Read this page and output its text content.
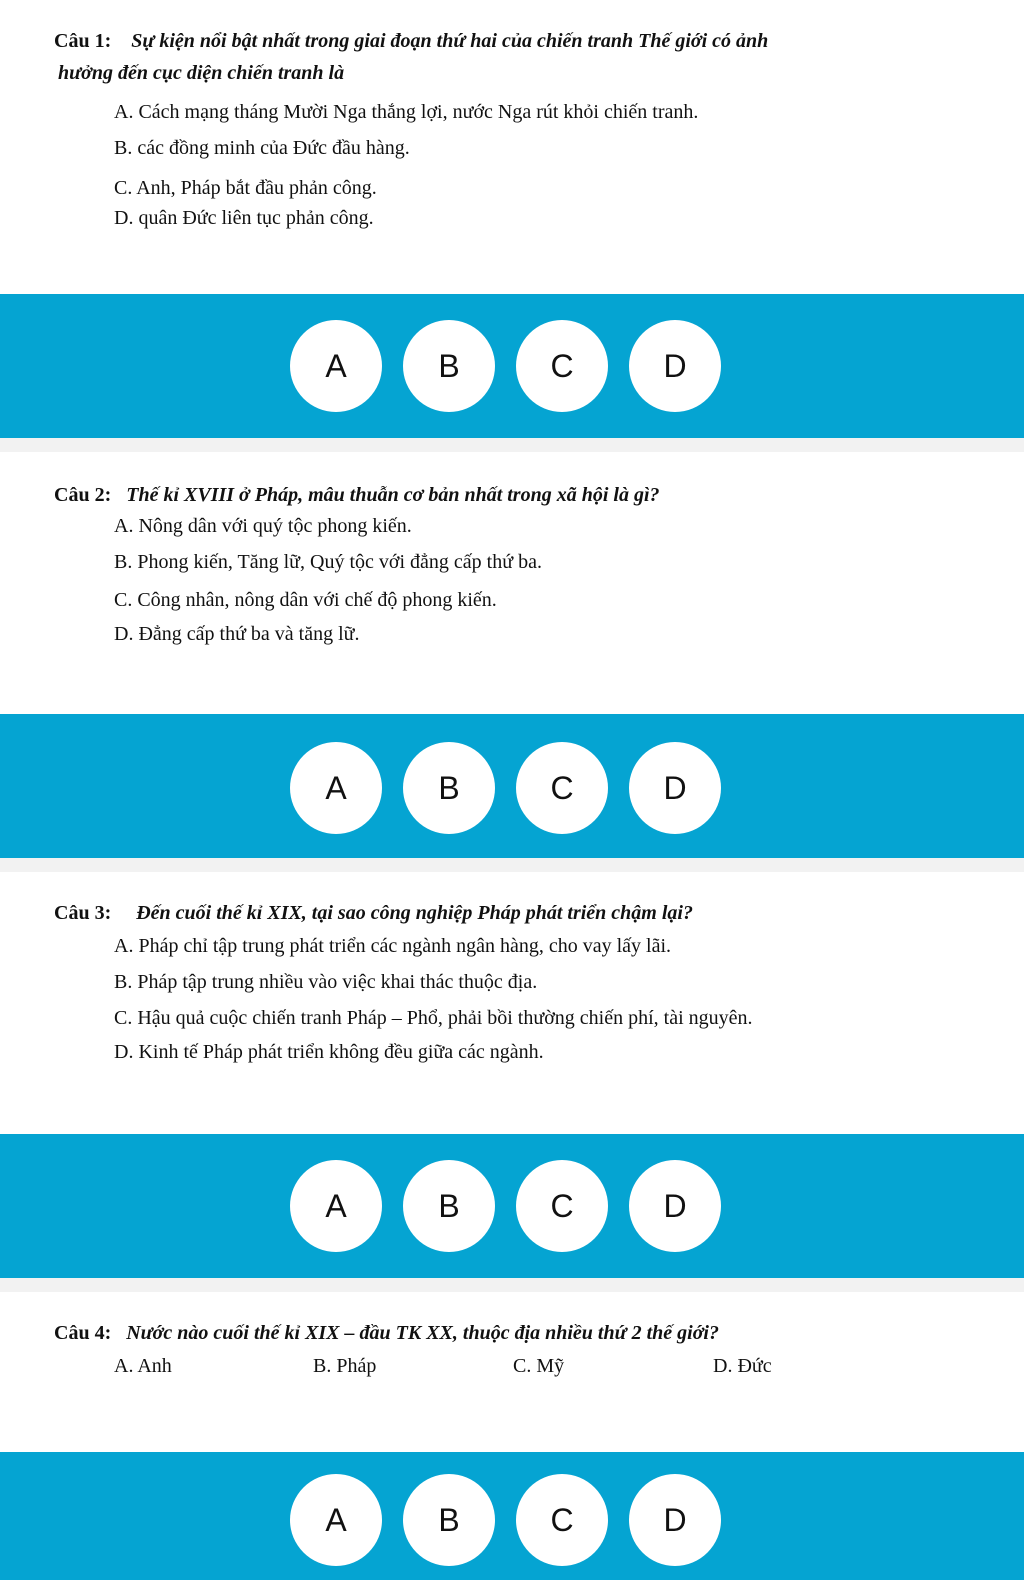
Câu 1: Sự kiện nổi bật nhất trong giai đoạn thứ hai của chiến tranh Thế giới có ảnh
hưởng đến cục diện chiến tranh là
A. Cách mạng tháng Mười Nga thắng lợi, nước Nga rút khỏi chiến tranh.
B. các đồng minh của Đức đầu hàng.
C. Anh, Pháp bắt đầu phản công.
D. quân Đức liên tục phản công.
A	B	C	D
Câu 2: Thế kỉ XVIII ở Pháp, mâu thuẫn cơ bản nhất trong xã hội là gì?
A. Nông dân với quý tộc phong kiến.
B. Phong kiến, Tăng lữ, Quý tộc với đẳng cấp thứ ba.
C. Công nhân, nông dân với chế độ phong kiến.
D. Đẳng cấp thứ ba và tăng lữ.
A	B	C	D
Câu 3: Đến cuối thế kỉ XIX, tại sao công nghiệp Pháp phát triển chậm lại?
A. Pháp chỉ tập trung phát triển các ngành ngân hàng, cho vay lấy lãi.
B. Pháp tập trung nhiều vào việc khai thác thuộc địa.
C. Hậu quả cuộc chiến tranh Pháp – Phổ, phải bồi thường chiến phí, tài nguyên.
D. Kinh tế Pháp phát triển không đều giữa các ngành.
A	B	C	D
Câu 4: Nước nào cuối thế kỉ XIX – đầu TK XX, thuộc địa nhiều thứ 2 thế giới?
A. Anh	B. Pháp	C. Mỹ	D. Đức
A	B	C	D
